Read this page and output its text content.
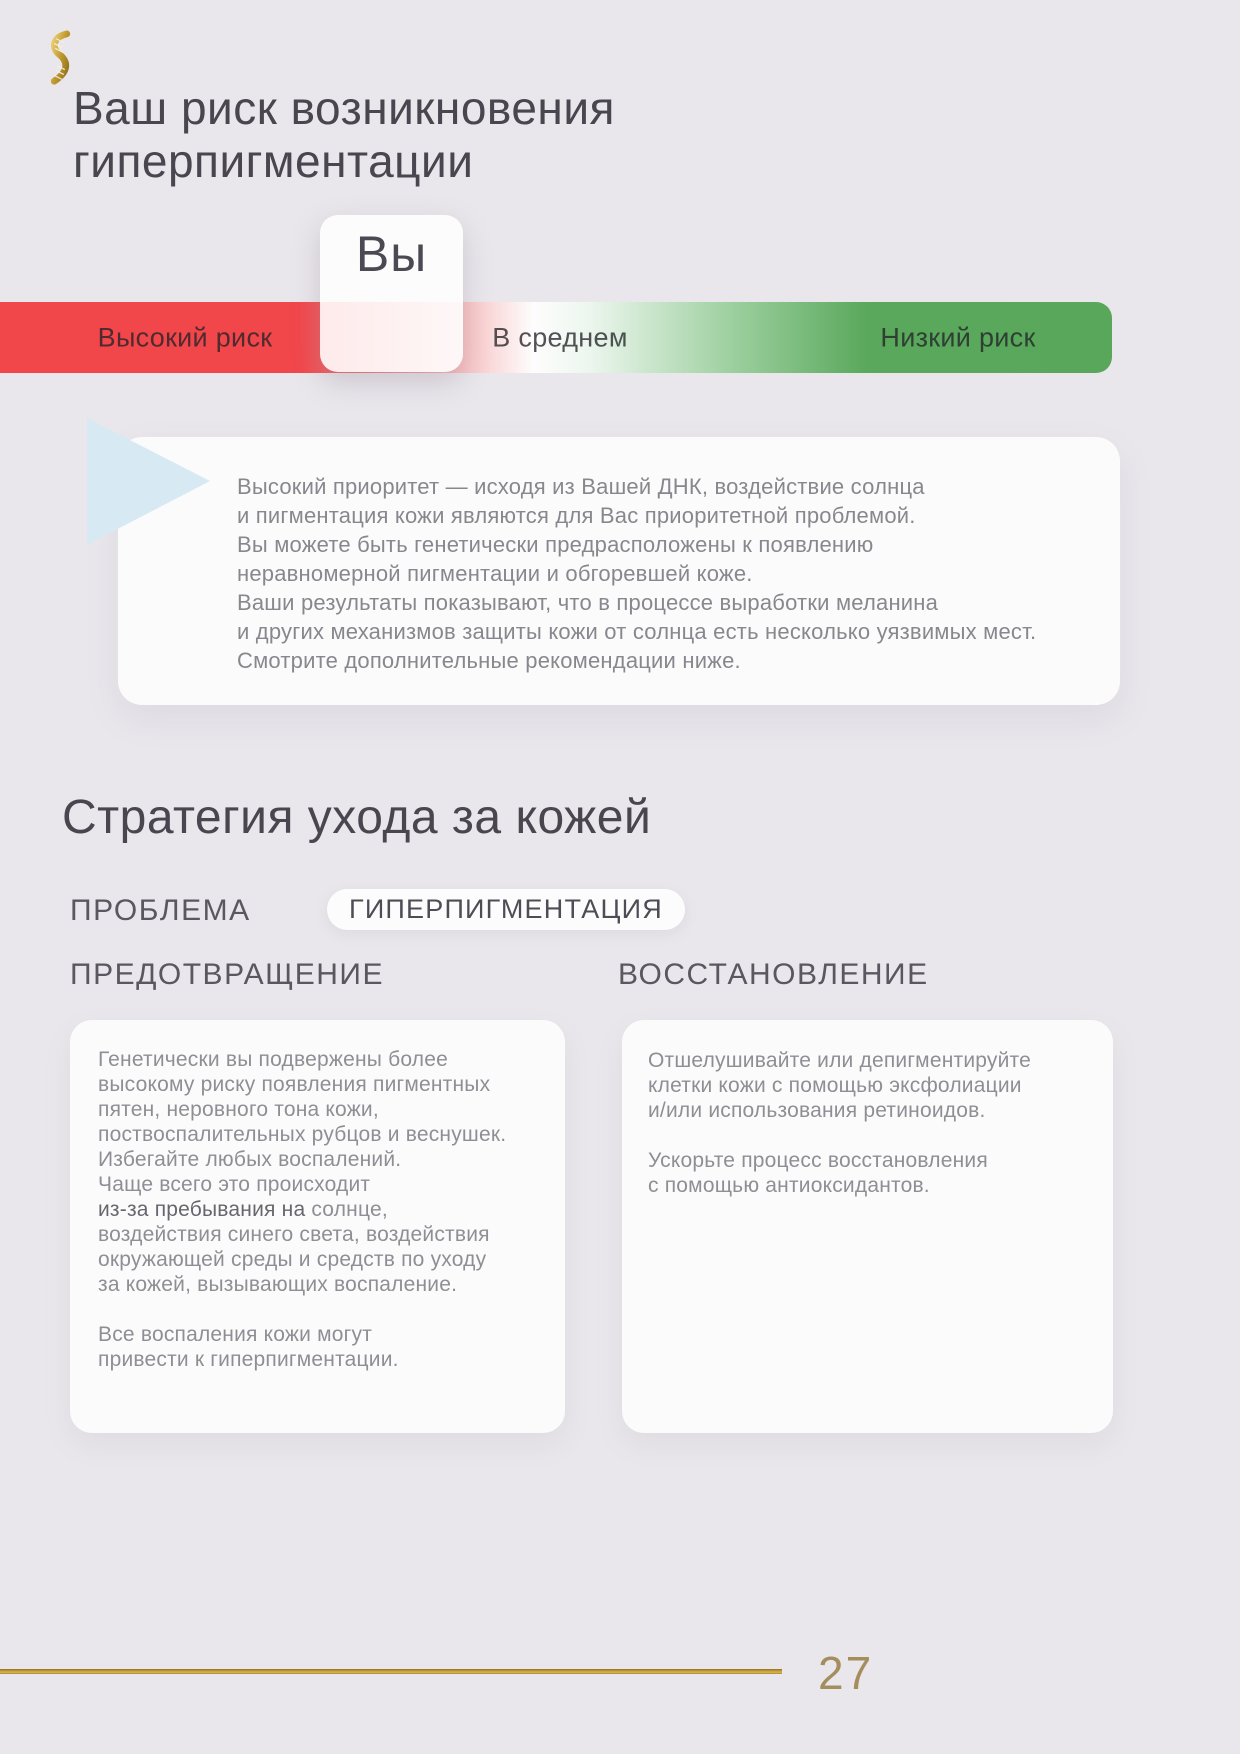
Ваш риск возникновения
гиперпигментации
Высокий риск	В среднем	Низкий риск
Вы
Высокий приоритет — исходя из Вашей ДНК, воздействие солнца
и пигментация кожи являются для Вас приоритетной проблемой.
Вы можете быть генетически предрасположены к появлению
неравномерной пигментации и обгоревшей коже.
Ваши результаты показывают, что в процессе выработки меланина
и других механизмов защиты кожи от солнца есть несколько уязвимых мест.
Смотрите дополнительные рекомендации ниже.
Стратегия ухода за кожей
ПРОБЛЕМА	ГИПЕРПИГМЕНТАЦИЯ
ПРЕДОТВРАЩЕНИЕ	ВОССТАНОВЛЕНИЕ
Генетически вы подвержены более
высокому риску появления пигментных
пятен, неровного тона кожи,
поствоспалительных рубцов и веснушек.
Избегайте любых воспалений.
Чаще всего это происходит
из-за пребывания на солнце,
воздействия синего света, воздействия
окружающей среды и средств по уходу
за кожей, вызывающих воспаление.
Все воспаления кожи могут
привести к гиперпигментации.
Отшелушивайте или депигментируйте
клетки кожи с помощью эксфолиации
и/или использования ретиноидов.
Ускорьте процесс восстановления
с помощью антиоксидантов.
27
